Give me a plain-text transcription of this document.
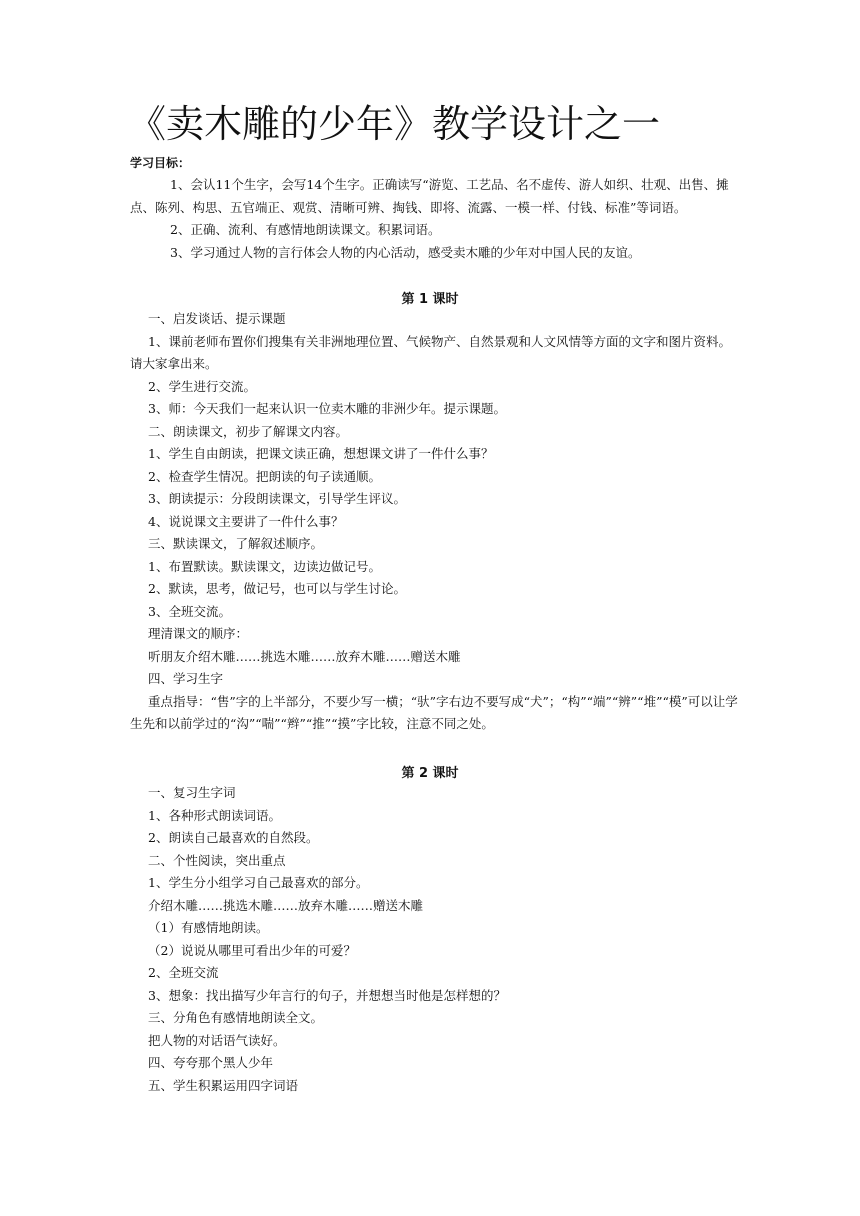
《卖木雕的少年》教学设计之一
学习目标：

1、会认11个生字，会写14个生字。正确读写“游览、工艺品、名不虚传、游人如织、壮观、出售、摊点、陈列、构思、五官端正、观赏、清晰可辨、掏钱、即将、流露、一模一样、付钱、标准”等词语。

2、正确、流利、有感情地朗读课文。积累词语。

3、学习通过人物的言行体会人物的内心活动，感受卖木雕的少年对中国人民的友谊。

第 1 课时

一、启发谈话、提示课题

1、课前老师布置你们搜集有关非洲地理位置、气候物产、自然景观和人文风情等方面的文字和图片资料。请大家拿出来。

2、学生进行交流。

3、师：今天我们一起来认识一位卖木雕的非洲少年。提示课题。

二、朗读课文，初步了解课文内容。

1、学生自由朗读，把课文读正确，想想课文讲了一件什么事？

2、检查学生情况。把朗读的句子读通顺。

3、朗读提示：分段朗读课文，引导学生评议。

4、说说课文主要讲了一件什么事？

三、默读课文，了解叙述顺序。

1、布置默读。默读课文，边读边做记号。

2、默读，思考，做记号，也可以与学生讨论。

3、全班交流。

理清课文的顺序：

听朋友介绍木雕……挑选木雕……放弃木雕……赠送木雕

四、学习生字

重点指导：“售”字的上半部分，不要少写一横；“驮”字右边不要写成“犬”；“构”“端”“辨”“堆”“模”可以让学生先和以前学过的“沟”“喘”“辫”“推”“摸”字比较，注意不同之处。

第 2 课时

一、复习生字词

1、各种形式朗读词语。

2、朗读自己最喜欢的自然段。

二、个性阅读，突出重点

1、学生分小组学习自己最喜欢的部分。

介绍木雕……挑选木雕……放弃木雕……赠送木雕

（1）有感情地朗读。

（2）说说从哪里可看出少年的可爱？

2、全班交流

3、想象：找出描写少年言行的句子，并想想当时他是怎样想的？

三、分角色有感情地朗读全文。

把人物的对话语气读好。

四、夸夸那个黑人少年

五、学生积累运用四字词语
